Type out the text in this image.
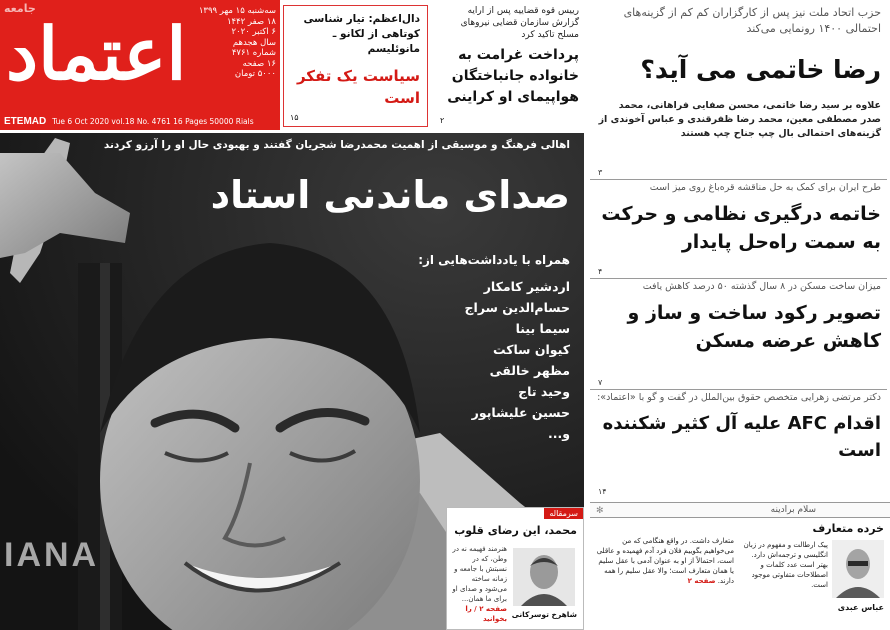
جامعه
اعتماد	سه‌شنبه ۱۵ مهر ۱۳۹۹
۱۸ صفر ۱۴۴۲
۶ اکتبر ۲۰۲۰
سال هجدهم
شماره ۴۷۶۱
۱۶ صفحه
۵۰۰۰ تومان
ETEMAD Tue 6 Oct 2020 vol.18 No. 4761 16 Pages 50000 Rials
دال‌اعظم: تیار شناسی کوتاهی از لکانو ـ مانوئلیسم
سیاست یک تفکر است
۱۵
رییس قوه قضاییه پس از ارایه گزارش سازمان قضایی نیروهای مسلح تاکید کرد
پرداخت غرامت به خانواده جانباختگان هواپیمای او کراینی
۲
حزب اتحاد ملت نیز پس از کارگزاران کم کم از گزینه‌های احتمالی ۱۴۰۰ رونمایی می‌کند
رضا خاتمی می آید؟
علاوه بر سید رضا خاتمی، محسن صفایی فراهانی، محمد صدر مصطفی معین، محمد رضا ظفرقندی و عباس آخوندی از گزینه‌های احتمالی بال چپ جناح چپ هستند
۳
طرح ایران برای کمک به حل مناقشه قره‌باغ روی میز است
خاتمه درگیری نظامی و حرکت به سمت راه‌حل پایدار
۴
میزان ساخت مسکن در ۸ سال گذشته ۵۰ درصد کاهش یافت
تصویر رکود ساخت و ساز و کاهش عرضه مسکن
۷
دکتر مرتضی زهرایی متخصص حقوق بین‌الملل در گفت و گو با «اعتماد»:
اقدام AFC علیه آل کثیر شکننده است
۱۴
اهالی فرهنگ و موسیقی از اهمیت محمدرضا شجریان گفتند و بهبودی حال او را آرزو کردند
صدای ماندنی استاد
همراه با یادداشت‌هایی از:
اردشیر کامکار
حسام‌الدین سراج
سیما بینا
کیوان ساکت
مظهر خالقی
وحید تاج
حسین علیشاپور
و...
IANA
سرمقاله
محمد، این رضای قلوب
هنرمند فهیمه نه در وطن، که در نسبتش با جامعه و زمانه ساخته می‌شود و صدای او برای ما همان... صفحه ۲ / را بخوانید شاهرخ توسرکانی
✻	سلام برادینه
خرده متعارف
متعارف داشت. در واقع هنگامی که من می‌خواهیم بگوییم فلان فرد آدم فهمیده و عاقلی است، احتمالاً از او به عنوان آدمی با عقل سلیم یا همان متعارف است؛ والا عقل سلیم را همه دارند. صفحه ۲
پیک ارطالت و مفهوم در زبان انگلیسی و ترجمه‌اش دارد. بهتر است عدد کلمات و اصطلاحات متفاوتی موجود است.
عباس عبدی
